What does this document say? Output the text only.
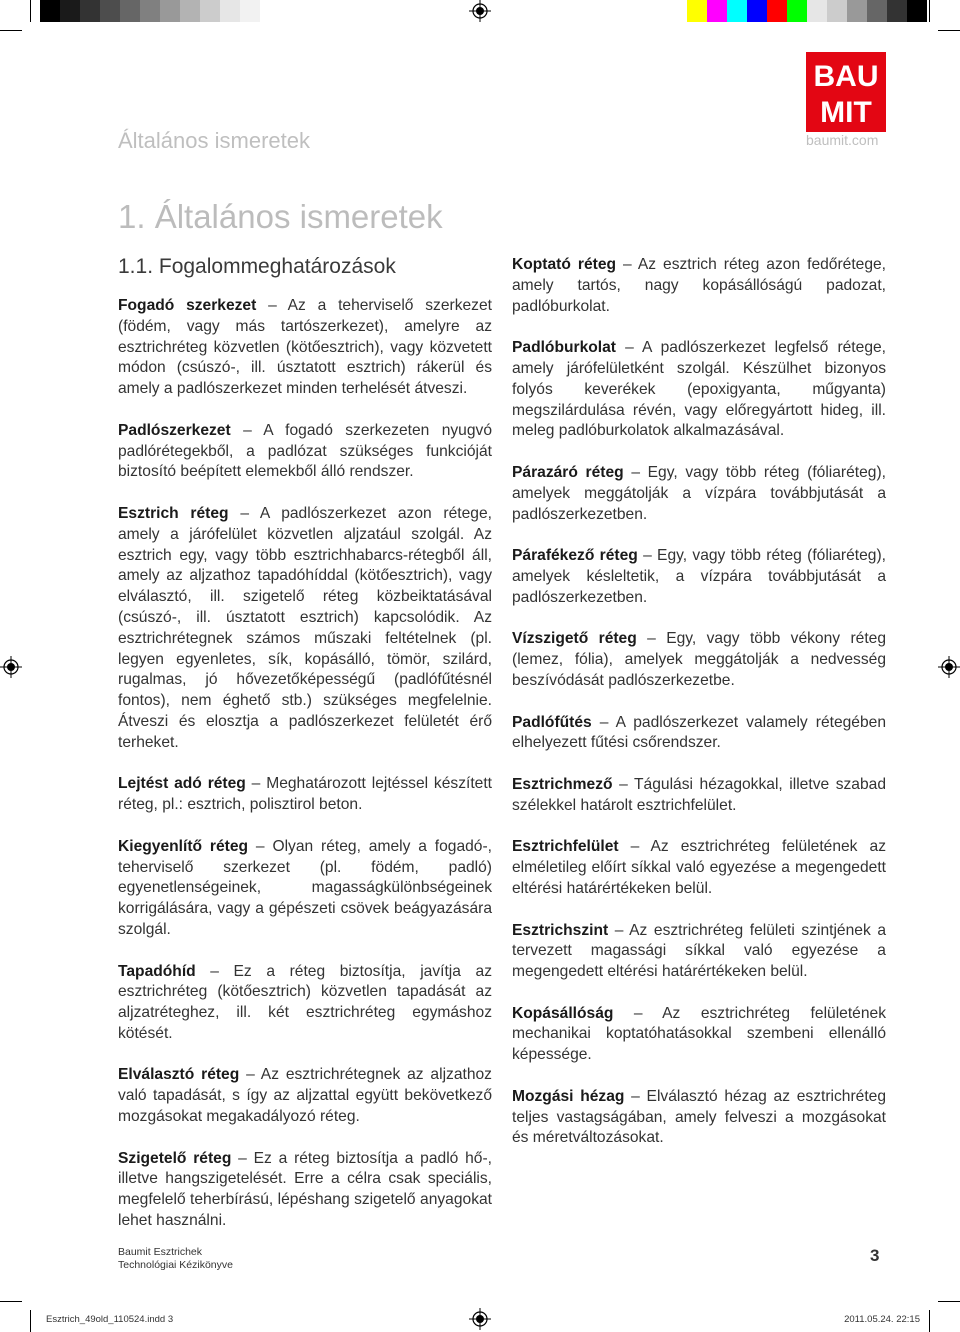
Általános ismeretek
BAU
MIT
baumit.com
1. Általános ismeretek
1.1. Fogalommeghatározások

Fogadó szerkezet – Az a teherviselő szerkezet (födém, vagy más tartószerkezet), amelyre az esztrichréteg közvetlen (kötőesztrich), vagy közvetett módon (csúszó-, ill. úsztatott esztrich) rákerül és amely a padlószerkezet minden terhelését átveszi.

Padlószerkezet – A fogadó szerkezeten nyugvó padlórétegekből, a padlózat szükséges funkcióját biztosító beépített elemekből álló rendszer.

Esztrich réteg – A padlószerkezet azon rétege, amely a járófelület közvetlen aljzatául szolgál. Az esztrich egy, vagy több esztrichhabarcs-rétegből áll, amely az aljzathoz tapadóhíddal (kötőesztrich), vagy elválasztó, ill. szigetelő réteg közbeiktatásával (csúszó-, ill. úsztatott esztrich) kapcsolódik. Az esztrichrétegnek számos műszaki feltételnek (pl. legyen egyenletes, sík, kopásálló, tömör, szilárd, rugalmas, jó hővezetőképességű (padlófűtésnél fontos), nem éghető stb.) szükséges megfelelnie. Átveszi és elosztja a padlószerkezet felületét érő terheket.

Lejtést adó réteg – Meghatározott lejtéssel készített réteg, pl.: esztrich, polisztirol beton.

Kiegyenlítő réteg – Olyan réteg, amely a fogadó-, teherviselő szerkezet (pl. födém, padló) egyenetlenségeinek, magasságkülönbségeinek korrigálására, vagy a gépészeti csövek beágyazására szolgál.

Tapadóhíd – Ez a réteg biztosítja, javítja az esztrichréteg (kötőesztrich) közvetlen tapadását az aljzatréteghez, ill. két esztrichréteg egymáshoz kötését.

Elválasztó réteg – Az esztrichrétegnek az aljzathoz való tapadását, s így az aljzattal együtt bekövetkező mozgásokat megakadályozó réteg.

Szigetelő réteg – Ez a réteg biztosítja a padló hő-, illetve hangszigetelését. Erre a célra csak speciális, megfelelő teherbírású, lépéshang szigetelő anyagokat lehet használni.

Koptató réteg – Az esztrich réteg azon fedőrétege, amely tartós, nagy kopásállóságú padozat, padlóburkolat.

Padlóburkolat – A padlószerkezet legfelső rétege, amely járófelületként szolgál. Készülhet bizonyos folyós keverékek (epoxigyanta, műgyanta) megszilárdulása révén, vagy előregyártott hideg, ill. meleg padlóburkolatok alkalmazásával.

Párazáró réteg – Egy, vagy több réteg (fóliaréteg), amelyek meggátolják a vízpára továbbjutását a padlószerkezetben.

Párafékező réteg – Egy, vagy több réteg (fóliaréteg), amelyek késleltetik, a vízpára továbbjutását a padlószerkezetben.

Vízszigető réteg – Egy, vagy több vékony réteg (lemez, fólia), amelyek meggátolják a nedvesség beszívódását padlószerkezetbe.

Padlófűtés – A padlószerkezet valamely rétegében elhelyezett fűtési csőrendszer.

Esztrichmező – Tágulási hézagokkal, illetve szabad szélekkel határolt esztrichfelület.

Esztrichfelület – Az esztrichréteg felületének az elméletileg előírt síkkal való egyezése a megengedett eltérési határértékeken belül.

Esztrichszint – Az esztrichréteg felületi szintjének a tervezett magassági síkkal való egyezése a megengedett eltérési határértékeken belül.

Kopásállóság – Az esztrichréteg felületének mechanikai koptatóhatásokkal szembeni ellenálló képessége.

Mozgási hézag – Elválasztó hézag az esztrichréteg teljes vastagságában, amely felveszi a mozgásokat és méretváltozásokat.

Baumit Esztrichek
Technológiai Kézikönyve	3
Esztrich_49old_110524.indd 3	2011.05.24. 22:15
